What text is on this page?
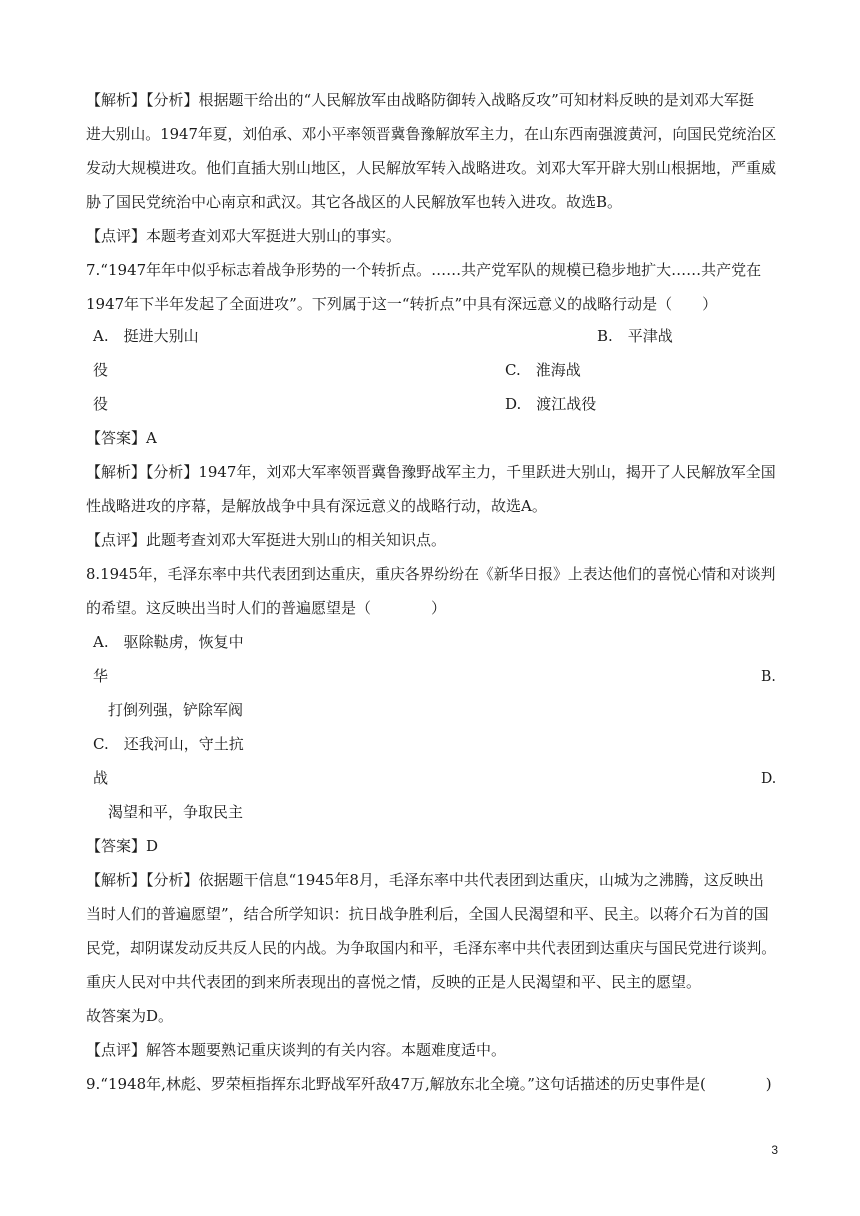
【解析】【分析】根据题干给出的“人民解放军由战略防御转入战略反攻”可知材料反映的是刘邓大军挺
进大别山。1947年夏，刘伯承、邓小平率领晋冀鲁豫解放军主力，在山东西南强渡黄河，向国民党统治区
发动大规模进攻。他们直插大别山地区，人民解放军转入战略进攻。刘邓大军开辟大别山根据地，严重威
胁了国民党统治中心南京和武汉。其它各战区的人民解放军也转入进攻。故选B。
【点评】本题考查刘邓大军挺进大别山的事实。
7.“1947年年中似乎标志着战争形势的一个转折点。……共产党军队的规模已稳步地扩大……共产党在
1947年下半年发起了全面进攻”。下列属于这一“转折点”中具有深远意义的战略行动是（　　）
A.　挺进大别山	B.　平津战
役	C.　淮海战
役	D.　渡江战役
【答案】A
【解析】【分析】1947年，刘邓大军率领晋冀鲁豫野战军主力，千里跃进大别山，揭开了人民解放军全国
性战略进攻的序幕，是解放战争中具有深远意义的战略行动，故选A。
【点评】此题考查刘邓大军挺进大别山的相关知识点。
8.1945年，毛泽东率中共代表团到达重庆，重庆各界纷纷在《新华日报》上表达他们的喜悦心情和对谈判
的希望。这反映出当时人们的普遍愿望是（　　　　）
A.　驱除鞑虏，恢复中
华	B.
打倒列强，铲除军阀
C.　还我河山，守土抗
战	D.
渴望和平，争取民主
【答案】D
【解析】【分析】依据题干信息“1945年8月，毛泽东率中共代表团到达重庆，山城为之沸腾，这反映出
当时人们的普遍愿望”，结合所学知识：抗日战争胜利后，全国人民渴望和平、民主。以蒋介石为首的国
民党，却阴谋发动反共反人民的内战。为争取国内和平，毛泽东率中共代表团到达重庆与国民党进行谈判。
重庆人民对中共代表团的到来所表现出的喜悦之情，反映的正是人民渴望和平、民主的愿望。
故答案为D。
【点评】解答本题要熟记重庆谈判的有关内容。本题难度适中。
9.“1948年,林彪、罗荣桓指挥东北野战军歼敌47万,解放东北全境。”这句话描述的历史事件是(　　　　)
3
